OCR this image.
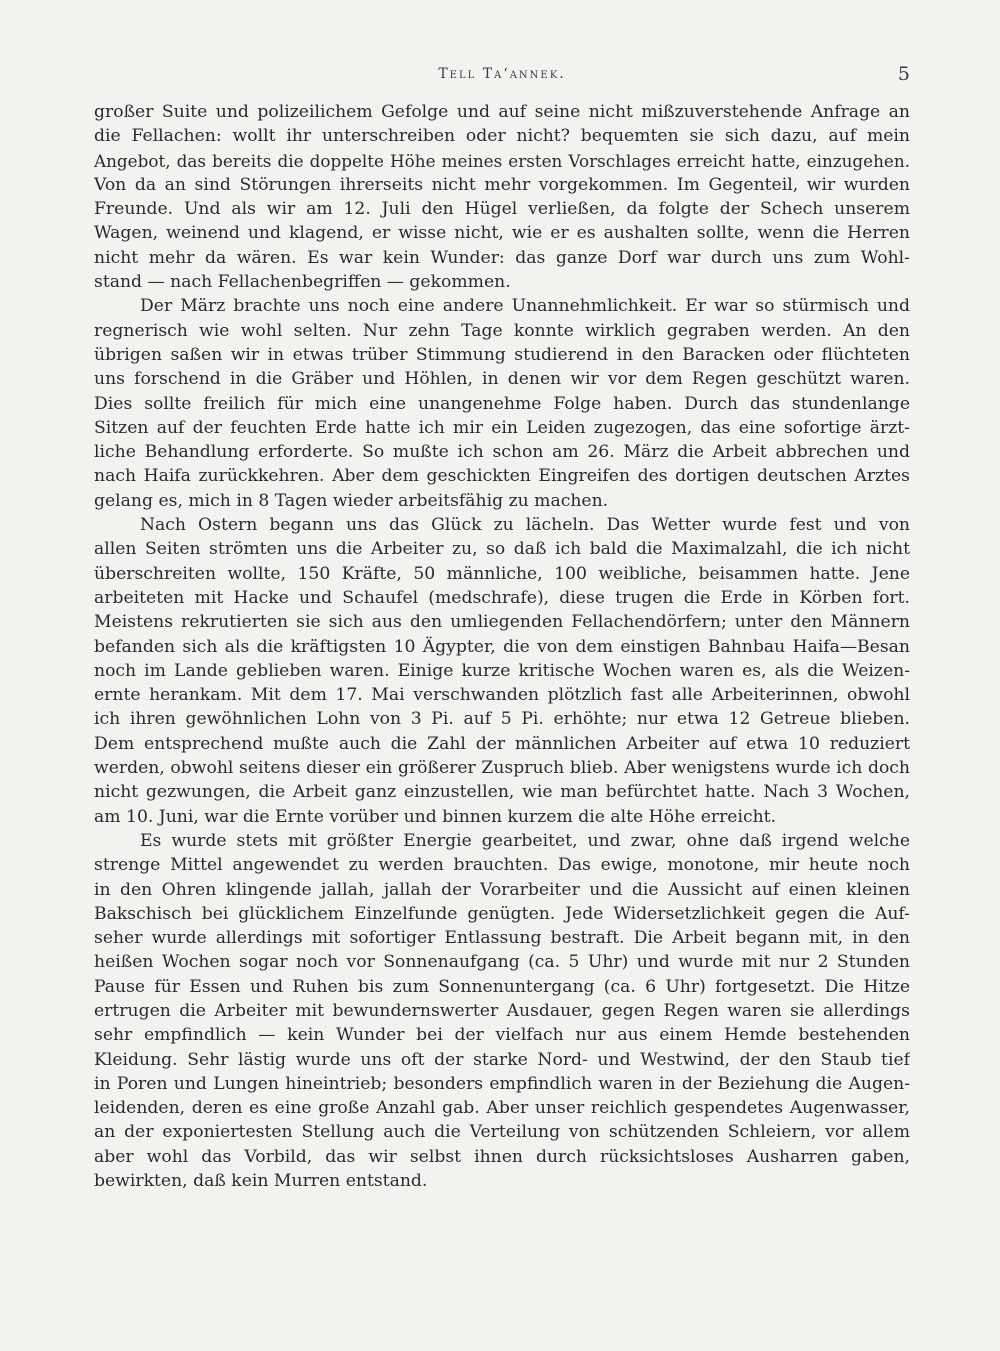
Tell Ta‘annek.	5
großer Suite und polizeilichem Gefolge und auf seine nicht mißzuverstehende Anfrage an
die Fellachen: wollt ihr unterschreiben oder nicht? bequemten sie sich dazu, auf mein
Angebot, das bereits die doppelte Höhe meines ersten Vorschlages erreicht hatte, einzugehen.
Von da an sind Störungen ihrerseits nicht mehr vorgekommen. Im Gegenteil, wir wurden
Freunde. Und als wir am 12. Juli den Hügel verließen, da folgte der Schech unserem
Wagen, weinend und klagend, er wisse nicht, wie er es aushalten sollte, wenn die Herren
nicht mehr da wären. Es war kein Wunder: das ganze Dorf war durch uns zum Wohl-
stand — nach Fellachenbegriffen — gekommen.
Der März brachte uns noch eine andere Unannehmlichkeit. Er war so stürmisch und
regnerisch wie wohl selten. Nur zehn Tage konnte wirklich gegraben werden. An den
übrigen saßen wir in etwas trüber Stimmung studierend in den Baracken oder flüchteten
uns forschend in die Gräber und Höhlen, in denen wir vor dem Regen geschützt waren.
Dies sollte freilich für mich eine unangenehme Folge haben. Durch das stundenlange
Sitzen auf der feuchten Erde hatte ich mir ein Leiden zugezogen, das eine sofortige ärzt-
liche Behandlung erforderte. So mußte ich schon am 26. März die Arbeit abbrechen und
nach Haifa zurückkehren. Aber dem geschickten Eingreifen des dortigen deutschen Arztes
gelang es, mich in 8 Tagen wieder arbeitsfähig zu machen.
Nach Ostern begann uns das Glück zu lächeln. Das Wetter wurde fest und von
allen Seiten strömten uns die Arbeiter zu, so daß ich bald die Maximalzahl, die ich nicht
überschreiten wollte, 150 Kräfte, 50 männliche, 100 weibliche, beisammen hatte. Jene
arbeiteten mit Hacke und Schaufel (medschrafe), diese trugen die Erde in Körben fort.
Meistens rekrutierten sie sich aus den umliegenden Fellachendörfern; unter den Männern
befanden sich als die kräftigsten 10 Ägypter, die von dem einstigen Bahnbau Haifa—Besan
noch im Lande geblieben waren. Einige kurze kritische Wochen waren es, als die Weizen-
ernte herankam. Mit dem 17. Mai verschwanden plötzlich fast alle Arbeiterinnen, obwohl
ich ihren gewöhnlichen Lohn von 3 Pi. auf 5 Pi. erhöhte; nur etwa 12 Getreue blieben.
Dem entsprechend mußte auch die Zahl der männlichen Arbeiter auf etwa 10 reduziert
werden, obwohl seitens dieser ein größerer Zuspruch blieb. Aber wenigstens wurde ich doch
nicht gezwungen, die Arbeit ganz einzustellen, wie man befürchtet hatte. Nach 3 Wochen,
am 10. Juni, war die Ernte vorüber und binnen kurzem die alte Höhe erreicht.
Es wurde stets mit größter Energie gearbeitet, und zwar, ohne daß irgend welche
strenge Mittel angewendet zu werden brauchten. Das ewige, monotone, mir heute noch
in den Ohren klingende jallah, jallah der Vorarbeiter und die Aussicht auf einen kleinen
Bakschisch bei glücklichem Einzelfunde genügten. Jede Widersetzlichkeit gegen die Auf-
seher wurde allerdings mit sofortiger Entlassung bestraft. Die Arbeit begann mit, in den
heißen Wochen sogar noch vor Sonnenaufgang (ca. 5 Uhr) und wurde mit nur 2 Stunden
Pause für Essen und Ruhen bis zum Sonnenuntergang (ca. 6 Uhr) fortgesetzt. Die Hitze
ertrugen die Arbeiter mit bewundernswerter Ausdauer, gegen Regen waren sie allerdings
sehr empfindlich — kein Wunder bei der vielfach nur aus einem Hemde bestehenden
Kleidung. Sehr lästig wurde uns oft der starke Nord- und Westwind, der den Staub tief
in Poren und Lungen hineintrieb; besonders empfindlich waren in der Beziehung die Augen-
leidenden, deren es eine große Anzahl gab. Aber unser reichlich gespendetes Augenwasser,
an der exponiertesten Stellung auch die Verteilung von schützenden Schleiern, vor allem
aber wohl das Vorbild, das wir selbst ihnen durch rücksichtsloses Ausharren gaben,
bewirkten, daß kein Murren entstand.
